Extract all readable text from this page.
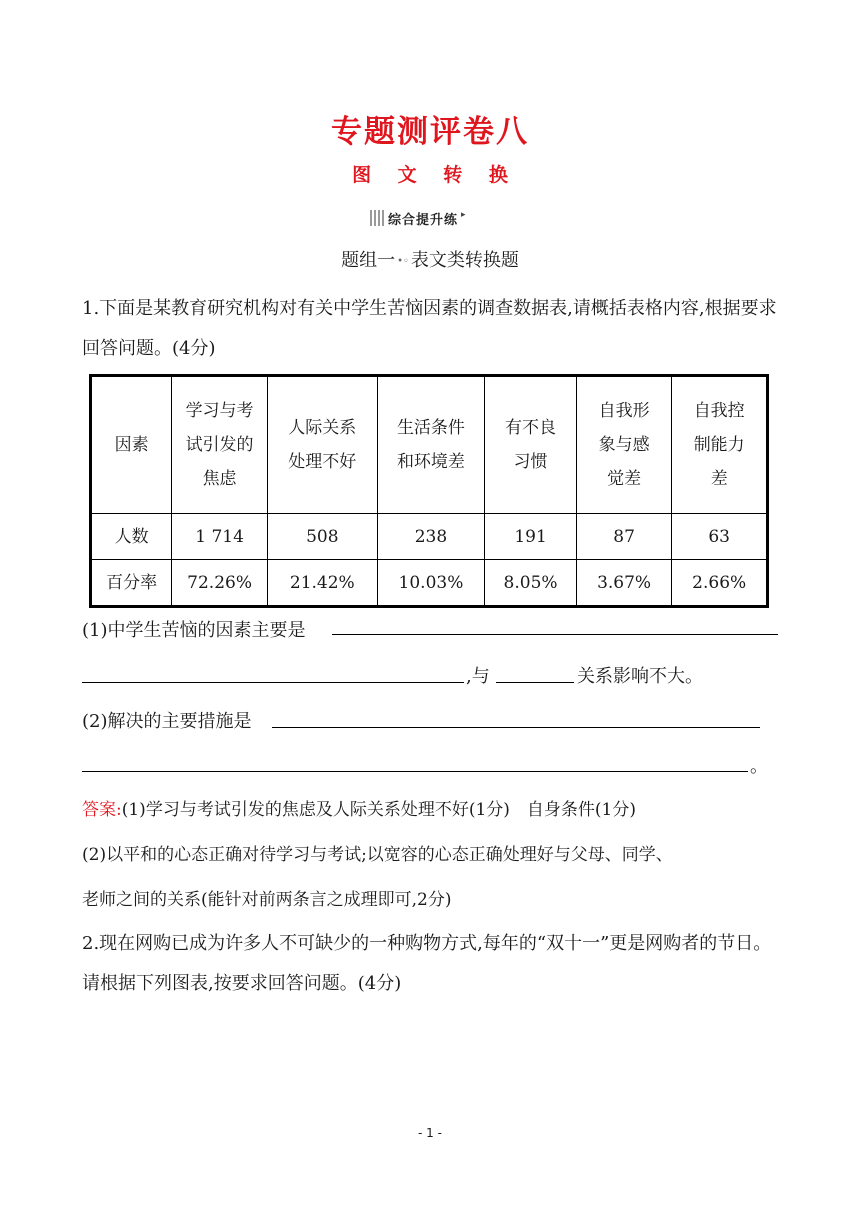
专题测评卷八
图 文 转 换
综合提升练 ▸
题组一 •◦ 表文类转换题
1.下面是某教育研究机构对有关中学生苦恼因素的调查数据表,请概括表格内容,根据要求回答问题。(4分)
因素	学习与考试引发的焦虑	人际关系处理不好	生活条件和环境差	有不良习惯	自我形象与感觉差	自我控制能力差

人数	1 714	508	238	191	87	63
百分率	72.26%	21.42%	10.03%	8.05%	3.67%	2.66%
(1)中学生苦恼的因素主要是
,与	关系影响不大。
(2)解决的主要措施是
。
答案:(1)学习与考试引发的焦虑及人际关系处理不好(1分)　自身条件(1分)
(2)以平和的心态正确对待学习与考试;以宽容的心态正确处理好与父母、同学、
老师之间的关系(能针对前两条言之成理即可,2分)
2.现在网购已成为许多人不可缺少的一种购物方式,每年的“双十一”更是网购者的节日。请根据下列图表,按要求回答问题。(4分)
- 1 -
